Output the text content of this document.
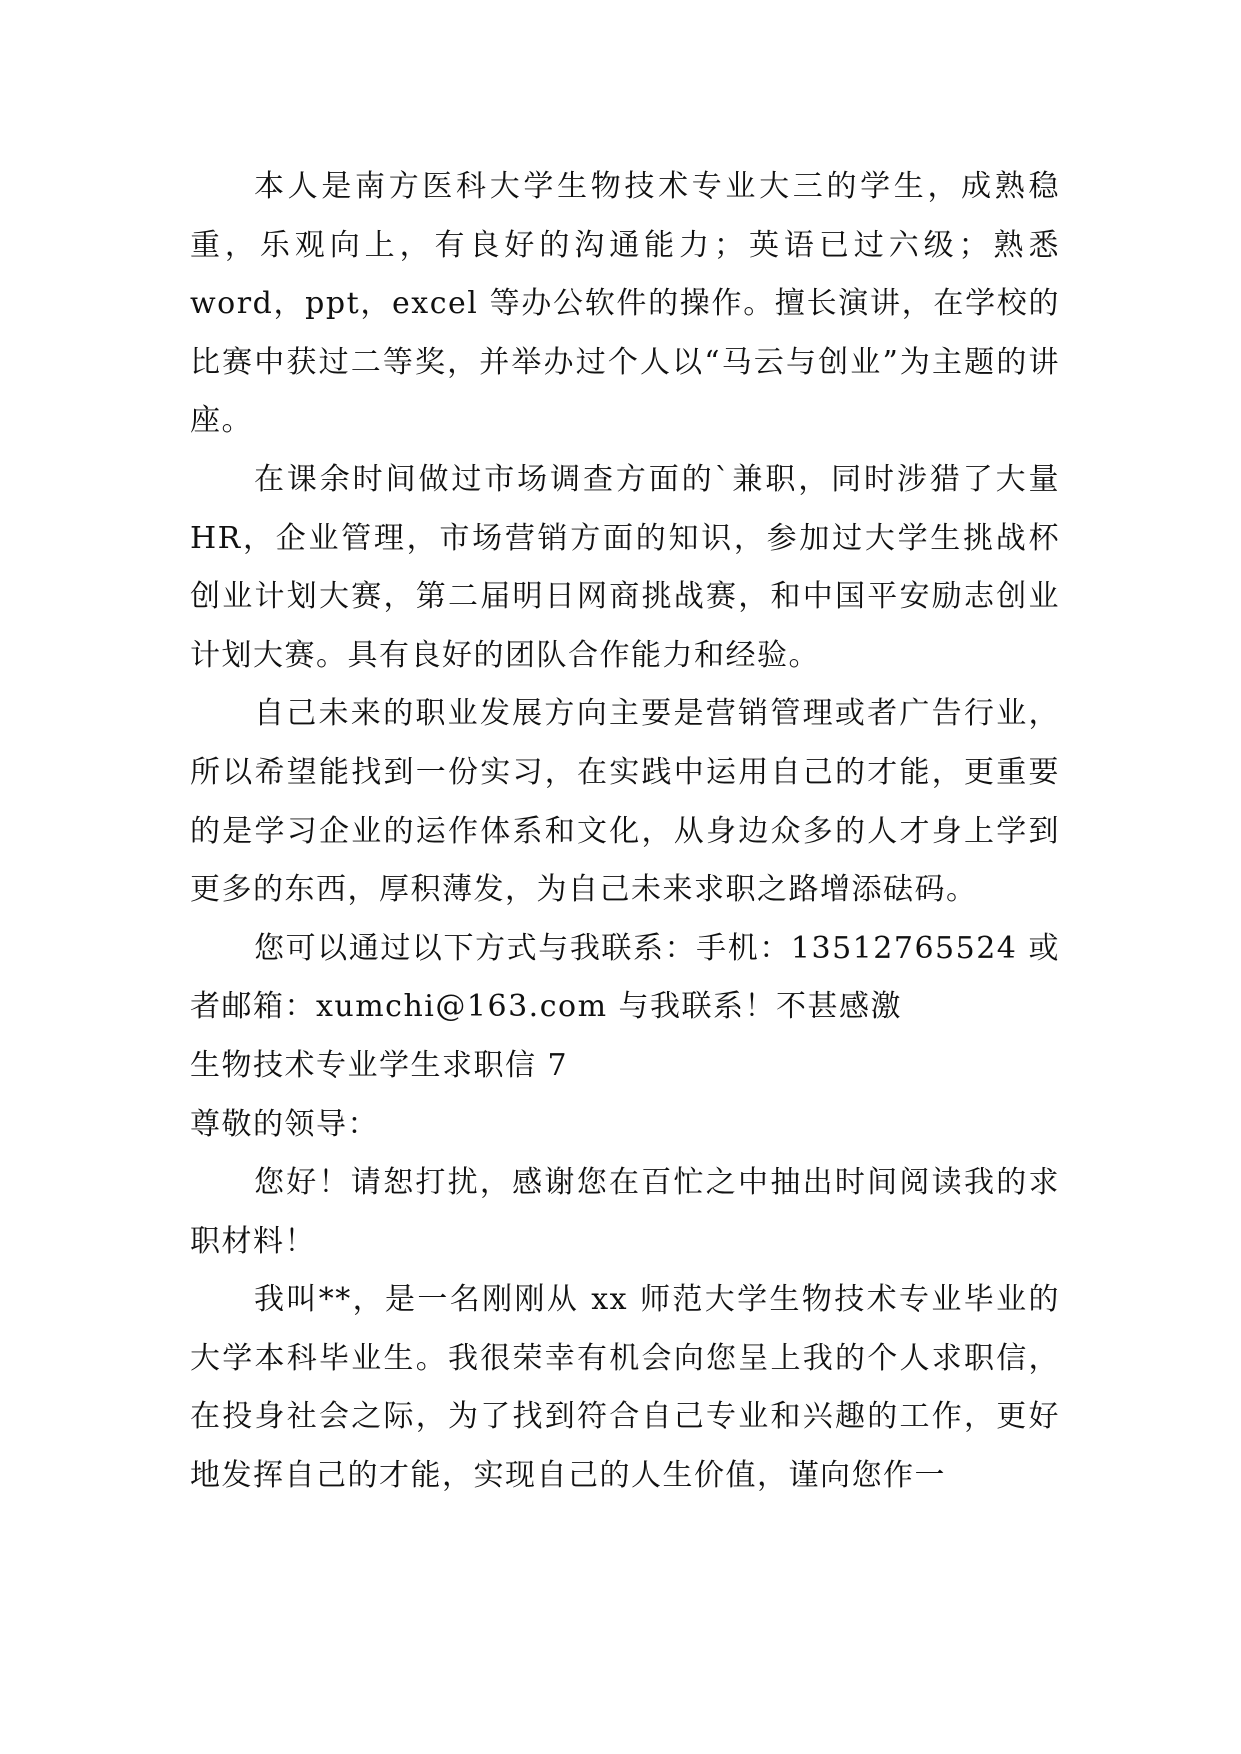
本人是南方医科大学生物技术专业大三的学生，成熟稳重，乐观向上，有良好的沟通能力；英语已过六级；熟悉word，ppt，excel 等办公软件的操作。擅长演讲，在学校的比赛中获过二等奖，并举办过个人以“马云与创业”为主题的讲座。

在课余时间做过市场调查方面的`兼职，同时涉猎了大量HR，企业管理，市场营销方面的知识，参加过大学生挑战杯创业计划大赛，第二届明日网商挑战赛，和中国平安励志创业计划大赛。具有良好的团队合作能力和经验。

自己未来的职业发展方向主要是营销管理或者广告行业，所以希望能找到一份实习，在实践中运用自己的才能，更重要的是学习企业的运作体系和文化，从身边众多的人才身上学到更多的东西，厚积薄发，为自己未来求职之路增添砝码。

您可以通过以下方式与我联系：手机：13512765524 或者邮箱：xumchi@163.com 与我联系！不甚感激

生物技术专业学生求职信 7

尊敬的领导：

您好！请恕打扰，感谢您在百忙之中抽出时间阅读我的求职材料！

我叫**，是一名刚刚从 xx 师范大学生物技术专业毕业的大学本科毕业生。我很荣幸有机会向您呈上我的个人求职信，在投身社会之际，为了找到符合自己专业和兴趣的工作，更好地发挥自己的才能，实现自己的人生价值，谨向您作一
